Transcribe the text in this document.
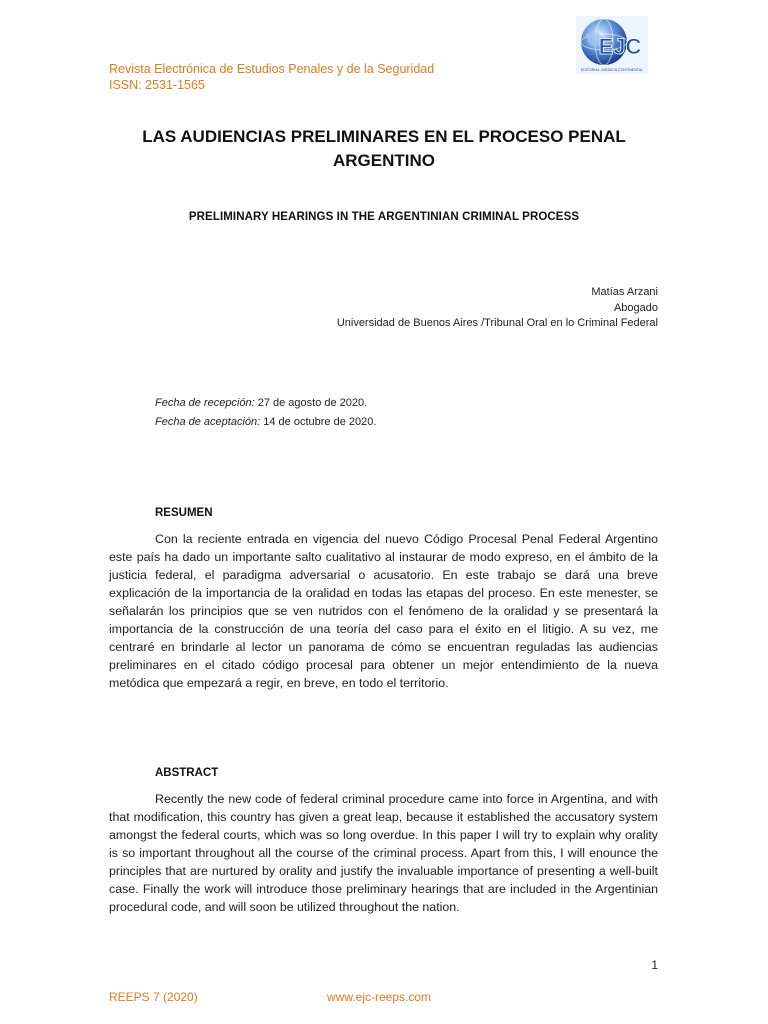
Revista Electrónica de Estudios Penales y de la Seguridad
ISSN: 2531-1565
EJC
EDITORIAL JURIDICA CONTINENTAL
LAS AUDIENCIAS PRELIMINARES EN EL PROCESO PENAL ARGENTINO
PRELIMINARY HEARINGS IN THE ARGENTINIAN CRIMINAL PROCESS
Matías Arzani
Abogado
Universidad de Buenos Aires /Tribunal Oral en lo Criminal Federal
Fecha de recepción: 27 de agosto de 2020.
Fecha de aceptación: 14 de octubre de 2020.
RESUMEN
Con la reciente entrada en vigencia del nuevo Código Procesal Penal Federal Argentino este país ha dado un importante salto cualitativo al instaurar de modo expreso, en el ámbito de la justicia federal, el paradigma adversarial o acusatorio. En este trabajo se dará una breve explicación de la importancia de la oralidad en todas las etapas del proceso. En este menester, se señalarán los principios que se ven nutridos con el fenómeno de la oralidad y se presentará la importancia de la construcción de una teoría del caso para el éxito en el litigio. A su vez, me centraré en brindarle al lector un panorama de cómo se encuentran reguladas las audiencias preliminares en el citado código procesal para obtener un mejor entendimiento de la nueva metódica que empezará a regir, en breve, en todo el territorio.
ABSTRACT
Recently the new code of federal criminal procedure came into force in Argentina, and with that modification, this country has given a great leap, because it established the accusatory system amongst the federal courts, which was so long overdue. In this paper I will try to explain why orality is so important throughout all the course of the criminal process. Apart from this, I will enounce the principles that are nurtured by orality and justify the invaluable importance of presenting a well-built case. Finally the work will introduce those preliminary hearings that are included in the Argentinian procedural code, and will soon be utilized throughout the nation.
1
REEPS 7 (2020)	www.ejc-reeps.com
